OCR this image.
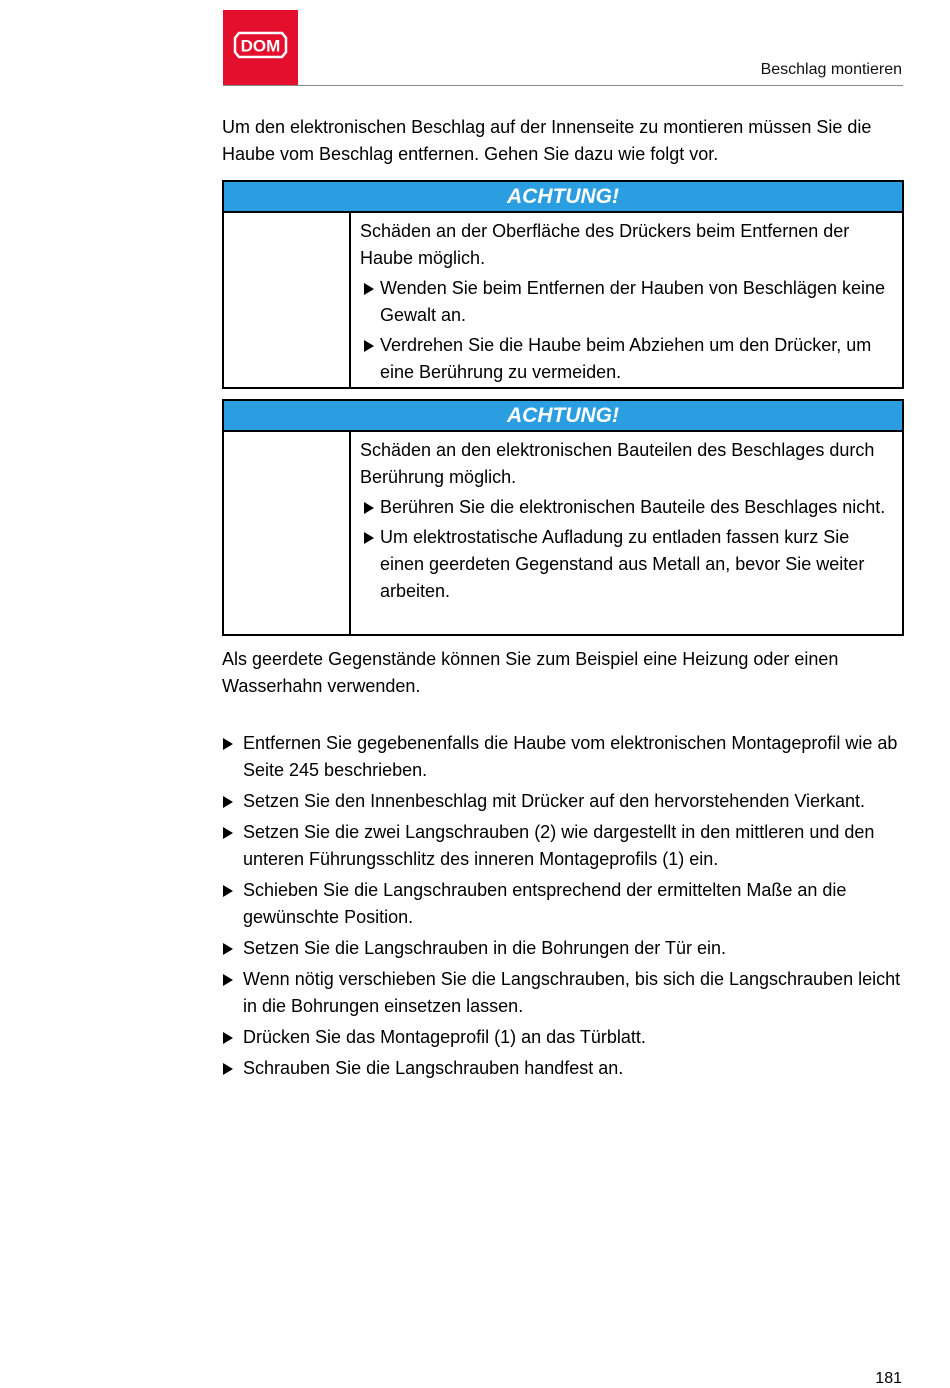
DOM
Beschlag montieren
Um den elektronischen Beschlag auf der Innenseite zu montieren müssen Sie die Haube vom Beschlag entfernen. Gehen Sie dazu wie folgt vor.
ACHTUNG!

Schäden an der Oberfläche des Drückers beim Entfernen der Haube möglich.

Wenden Sie beim Entfernen der Hauben von Beschlägen keine Gewalt an.
Verdrehen Sie die Haube beim Abziehen um den Drücker, um eine Berührung zu vermeiden.
ACHTUNG!

Schäden an den elektronischen Bauteilen des Beschlages durch Berührung möglich.

Berühren Sie die elektronischen Bauteile des Beschlages nicht.
Um elektrostatische Aufladung zu entladen fassen kurz Sie einen geerdeten Gegenstand aus Metall an, bevor Sie weiter arbeiten.
Als geerdete Gegenstände können Sie zum Beispiel eine Heizung oder einen Wasserhahn verwenden.
Entfernen Sie gegebenenfalls die Haube vom elektronischen Montageprofil wie ab Seite 245 beschrieben.
Setzen Sie den Innenbeschlag mit Drücker auf den hervorstehenden Vierkant.
Setzen Sie die zwei Langschrauben (2) wie dargestellt in den mittleren und den unteren Führungsschlitz des inneren Montageprofils (1) ein.
Schieben Sie die Langschrauben entsprechend der ermittelten Maße an die gewünschte Position.
Setzen Sie die Langschrauben in die Bohrungen der Tür ein.
Wenn nötig verschieben Sie die Langschrauben, bis sich die Langschrauben leicht in die Bohrungen einsetzen lassen.
Drücken Sie das Montageprofil (1) an das Türblatt.
Schrauben Sie die Langschrauben handfest an.
181
